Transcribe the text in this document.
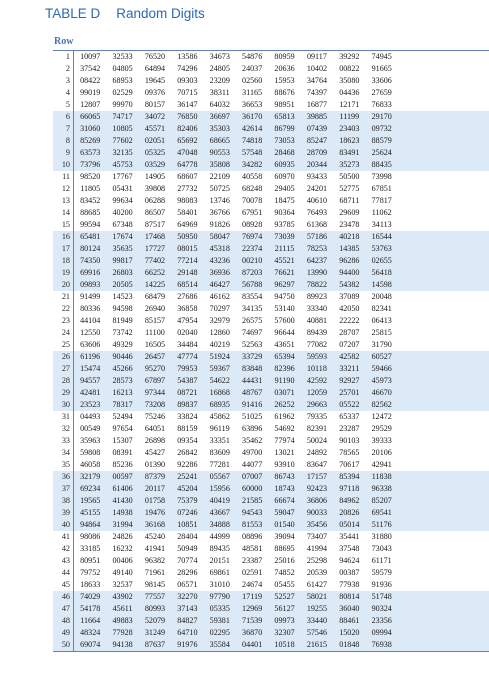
TABLE D Random Digits
Row
1	10097	32533	76520	13586	34673	54876	80959	09117	39292	74945
2	37542	04805	64894	74296	24805	24037	20636	10402	00822	91665
3	08422	68953	19645	09303	23209	02560	15953	34764	35080	33606
4	99019	02529	09376	70715	38311	31165	88676	74397	04436	27659
5	12807	99970	80157	36147	64032	36653	98951	16877	12171	76833
6	66065	74717	34072	76850	36697	36170	65813	39885	11199	29170
7	31060	10805	45571	82406	35303	42614	86799	07439	23403	09732
8	85269	77602	02051	65692	68665	74818	73053	85247	18623	88579
9	63573	32135	05325	47048	90553	57548	28468	28709	83491	25624
10	73796	45753	03529	64778	35808	34282	60935	20344	35273	88435
11	98520	17767	14905	68607	22109	40558	60970	93433	50500	73998
12	11805	05431	39808	27732	50725	68248	29405	24201	52775	67851
13	83452	99634	06288	98083	13746	70078	18475	40610	68711	77817
14	88685	40200	86507	58401	36766	67951	90364	76493	29609	11062
15	99594	67348	87517	64969	91826	08928	93785	61368	23478	34113
16	65481	17674	17468	50950	58047	76974	73039	57186	40218	16544
17	80124	35635	17727	08015	45318	22374	21115	78253	14385	53763
18	74350	99817	77402	77214	43236	00210	45521	64237	96286	02655
19	69916	26803	66252	29148	36936	87203	76621	13990	94400	56418
20	09893	20505	14225	68514	46427	56788	96297	78822	54382	14598
21	91499	14523	68479	27686	46162	83554	94750	89923	37089	20048
22	80336	94598	26940	36858	70297	34135	53140	33340	42050	82341
23	44104	81949	85157	47954	32979	26575	57600	40881	22222	06413
24	12550	73742	11100	02040	12860	74697	96644	89439	28707	25815
25	63606	49329	16505	34484	40219	52563	43651	77082	07207	31790
26	61196	90446	26457	47774	51924	33729	65394	59593	42582	60527
27	15474	45266	95270	79953	59367	83848	82396	10118	33211	59466
28	94557	28573	67897	54387	54622	44431	91190	42592	92927	45973
29	42481	16213	97344	08721	16868	48767	03071	12059	25701	46670
30	23523	78317	73208	89837	68935	91416	26252	29663	05522	82562
31	04493	52494	75246	33824	45862	51025	61962	79335	65337	12472
32	00549	97654	64051	88159	96119	63896	54692	82391	23287	29529
33	35963	15307	26898	09354	33351	35462	77974	50024	90103	39333
34	59808	08391	45427	26842	83609	49700	13021	24892	78565	20106
35	46058	85236	01390	92286	77281	44077	93910	83647	70617	42941
36	32179	00597	87379	25241	05567	07007	86743	17157	85394	11838
37	69234	61406	20117	45204	15956	60000	18743	92423	97118	96338
38	19565	41430	01758	75379	40419	21585	66674	36806	84962	85207
39	45155	14938	19476	07246	43667	94543	59047	90033	20826	69541
40	94864	31994	36168	10851	34888	81553	01540	35456	05014	51176
41	98086	24826	45240	28404	44999	08896	39094	73407	35441	31880
42	33185	16232	41941	50949	89435	48581	88695	41994	37548	73043
43	80951	00406	96382	70774	20151	23387	25016	25298	94624	61171
44	79752	49140	71961	28296	69861	02591	74852	20539	00387	59579
45	18633	32537	98145	06571	31010	24674	05455	61427	77938	91936
46	74029	43902	77557	32270	97790	17119	52527	58021	80814	51748
47	54178	45611	80993	37143	05335	12969	56127	19255	36040	90324
48	11664	49883	52079	84827	59381	71539	09973	33440	88461	23356
49	48324	77928	31249	64710	02295	36870	32307	57546	15020	09994
50	69074	94138	87637	91976	35584	04401	10518	21615	01848	76938
